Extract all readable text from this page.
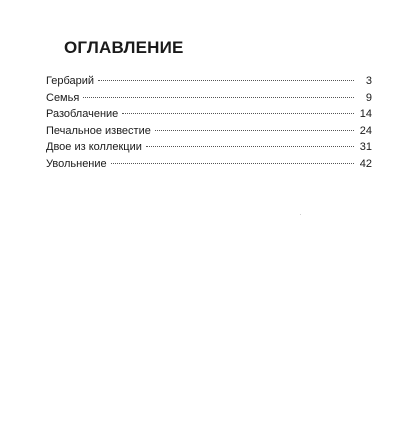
ОГЛАВЛЕНИЕ
Гербарий	3
Семья	9
Разоблачение	14
Печальное известие	24
Двое из коллекции	31
Увольнение	42
